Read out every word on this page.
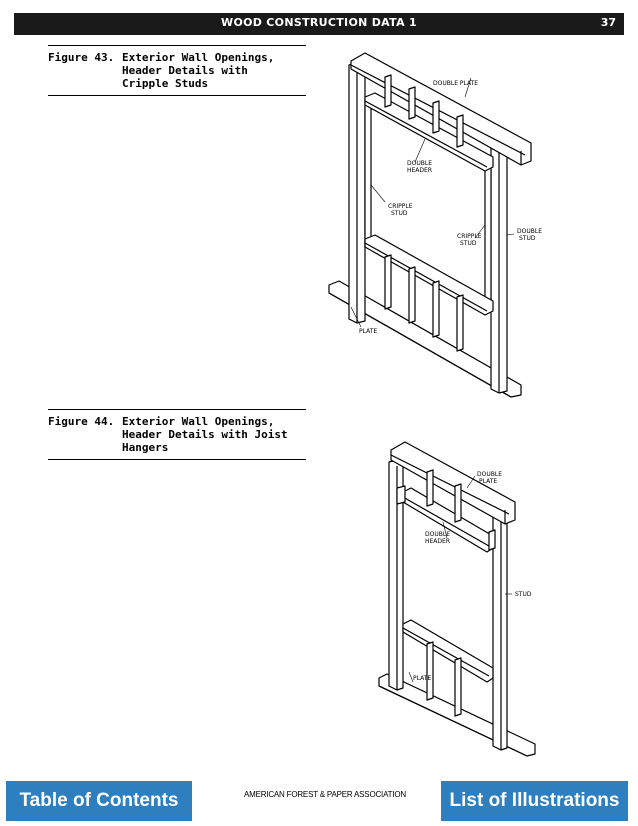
WOOD CONSTRUCTION DATA 1	37
Figure 43. Exterior Wall Openings,
Header Details with
Cripple Studs	DOUBLE PLATE
DOUBLE
HEADER
CRIPPLE
STUD
CRIPPLE
STUD
DOUBLE
STUD
PLATE
Figure 44. Exterior Wall Openings,
Header Details with Joist
Hangers
DOUBLE
PLATE
DOUBLE
HEADER
STUD
PLATE
Table of Contents	AMERICAN FOREST & PAPER ASSOCIATION	List of Illustrations
